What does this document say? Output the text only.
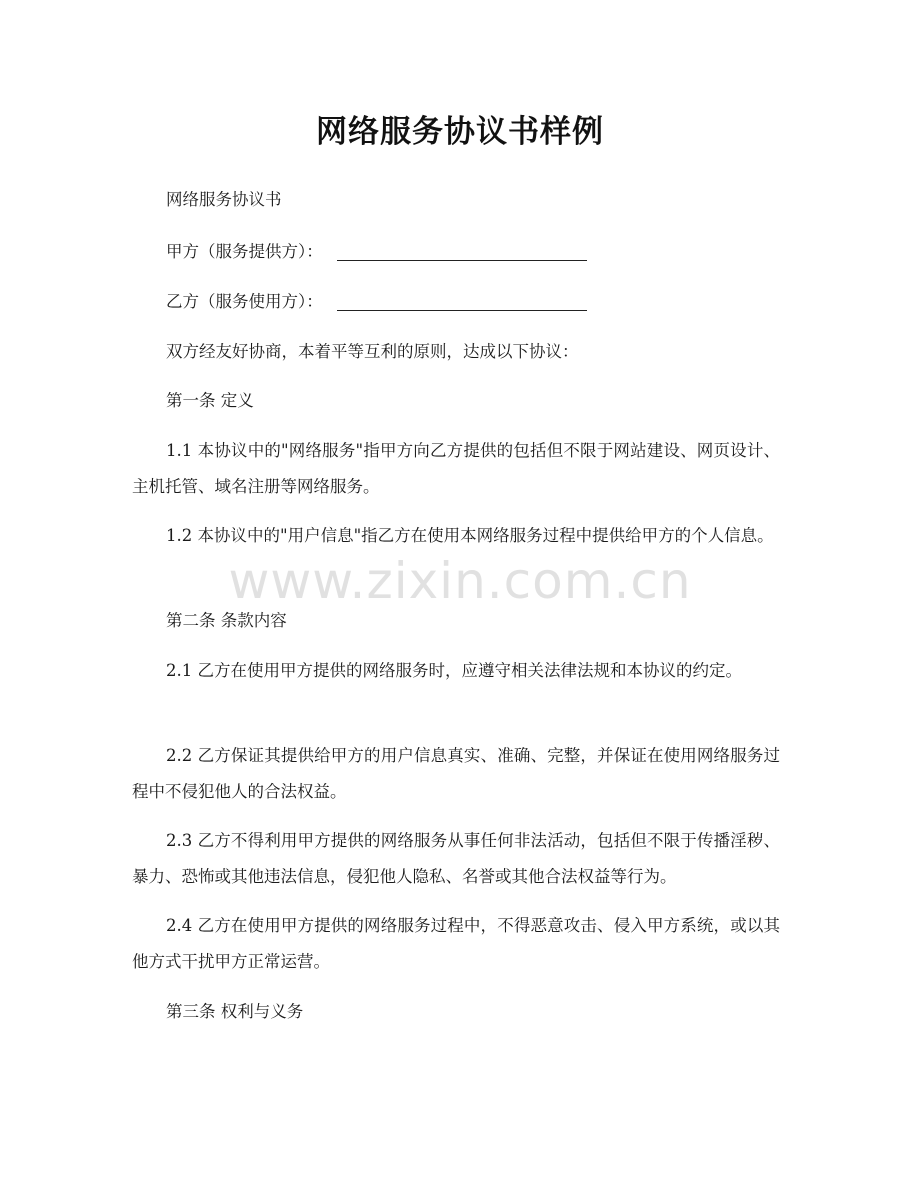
网络服务协议书样例
网络服务协议书
甲方（服务提供方）：
乙方（服务使用方）：
双方经友好协商，本着平等互利的原则，达成以下协议：
第一条 定义

1.1 本协议中的"网络服务"指甲方向乙方提供的包括但不限于网站建设、网页设计、主机托管、域名注册等网络服务。

1.2 本协议中的"用户信息"指乙方在使用本网络服务过程中提供给甲方的个人信息。

第二条 条款内容

2.1 乙方在使用甲方提供的网络服务时，应遵守相关法律法规和本协议的约定。

2.2 乙方保证其提供给甲方的用户信息真实、准确、完整，并保证在使用网络服务过程中不侵犯他人的合法权益。

2.3 乙方不得利用甲方提供的网络服务从事任何非法活动，包括但不限于传播淫秽、暴力、恐怖或其他违法信息，侵犯他人隐私、名誉或其他合法权益等行为。

2.4 乙方在使用甲方提供的网络服务过程中，不得恶意攻击、侵入甲方系统，或以其他方式干扰甲方正常运营。

第三条 权利与义务
www.zixin.com.cn
